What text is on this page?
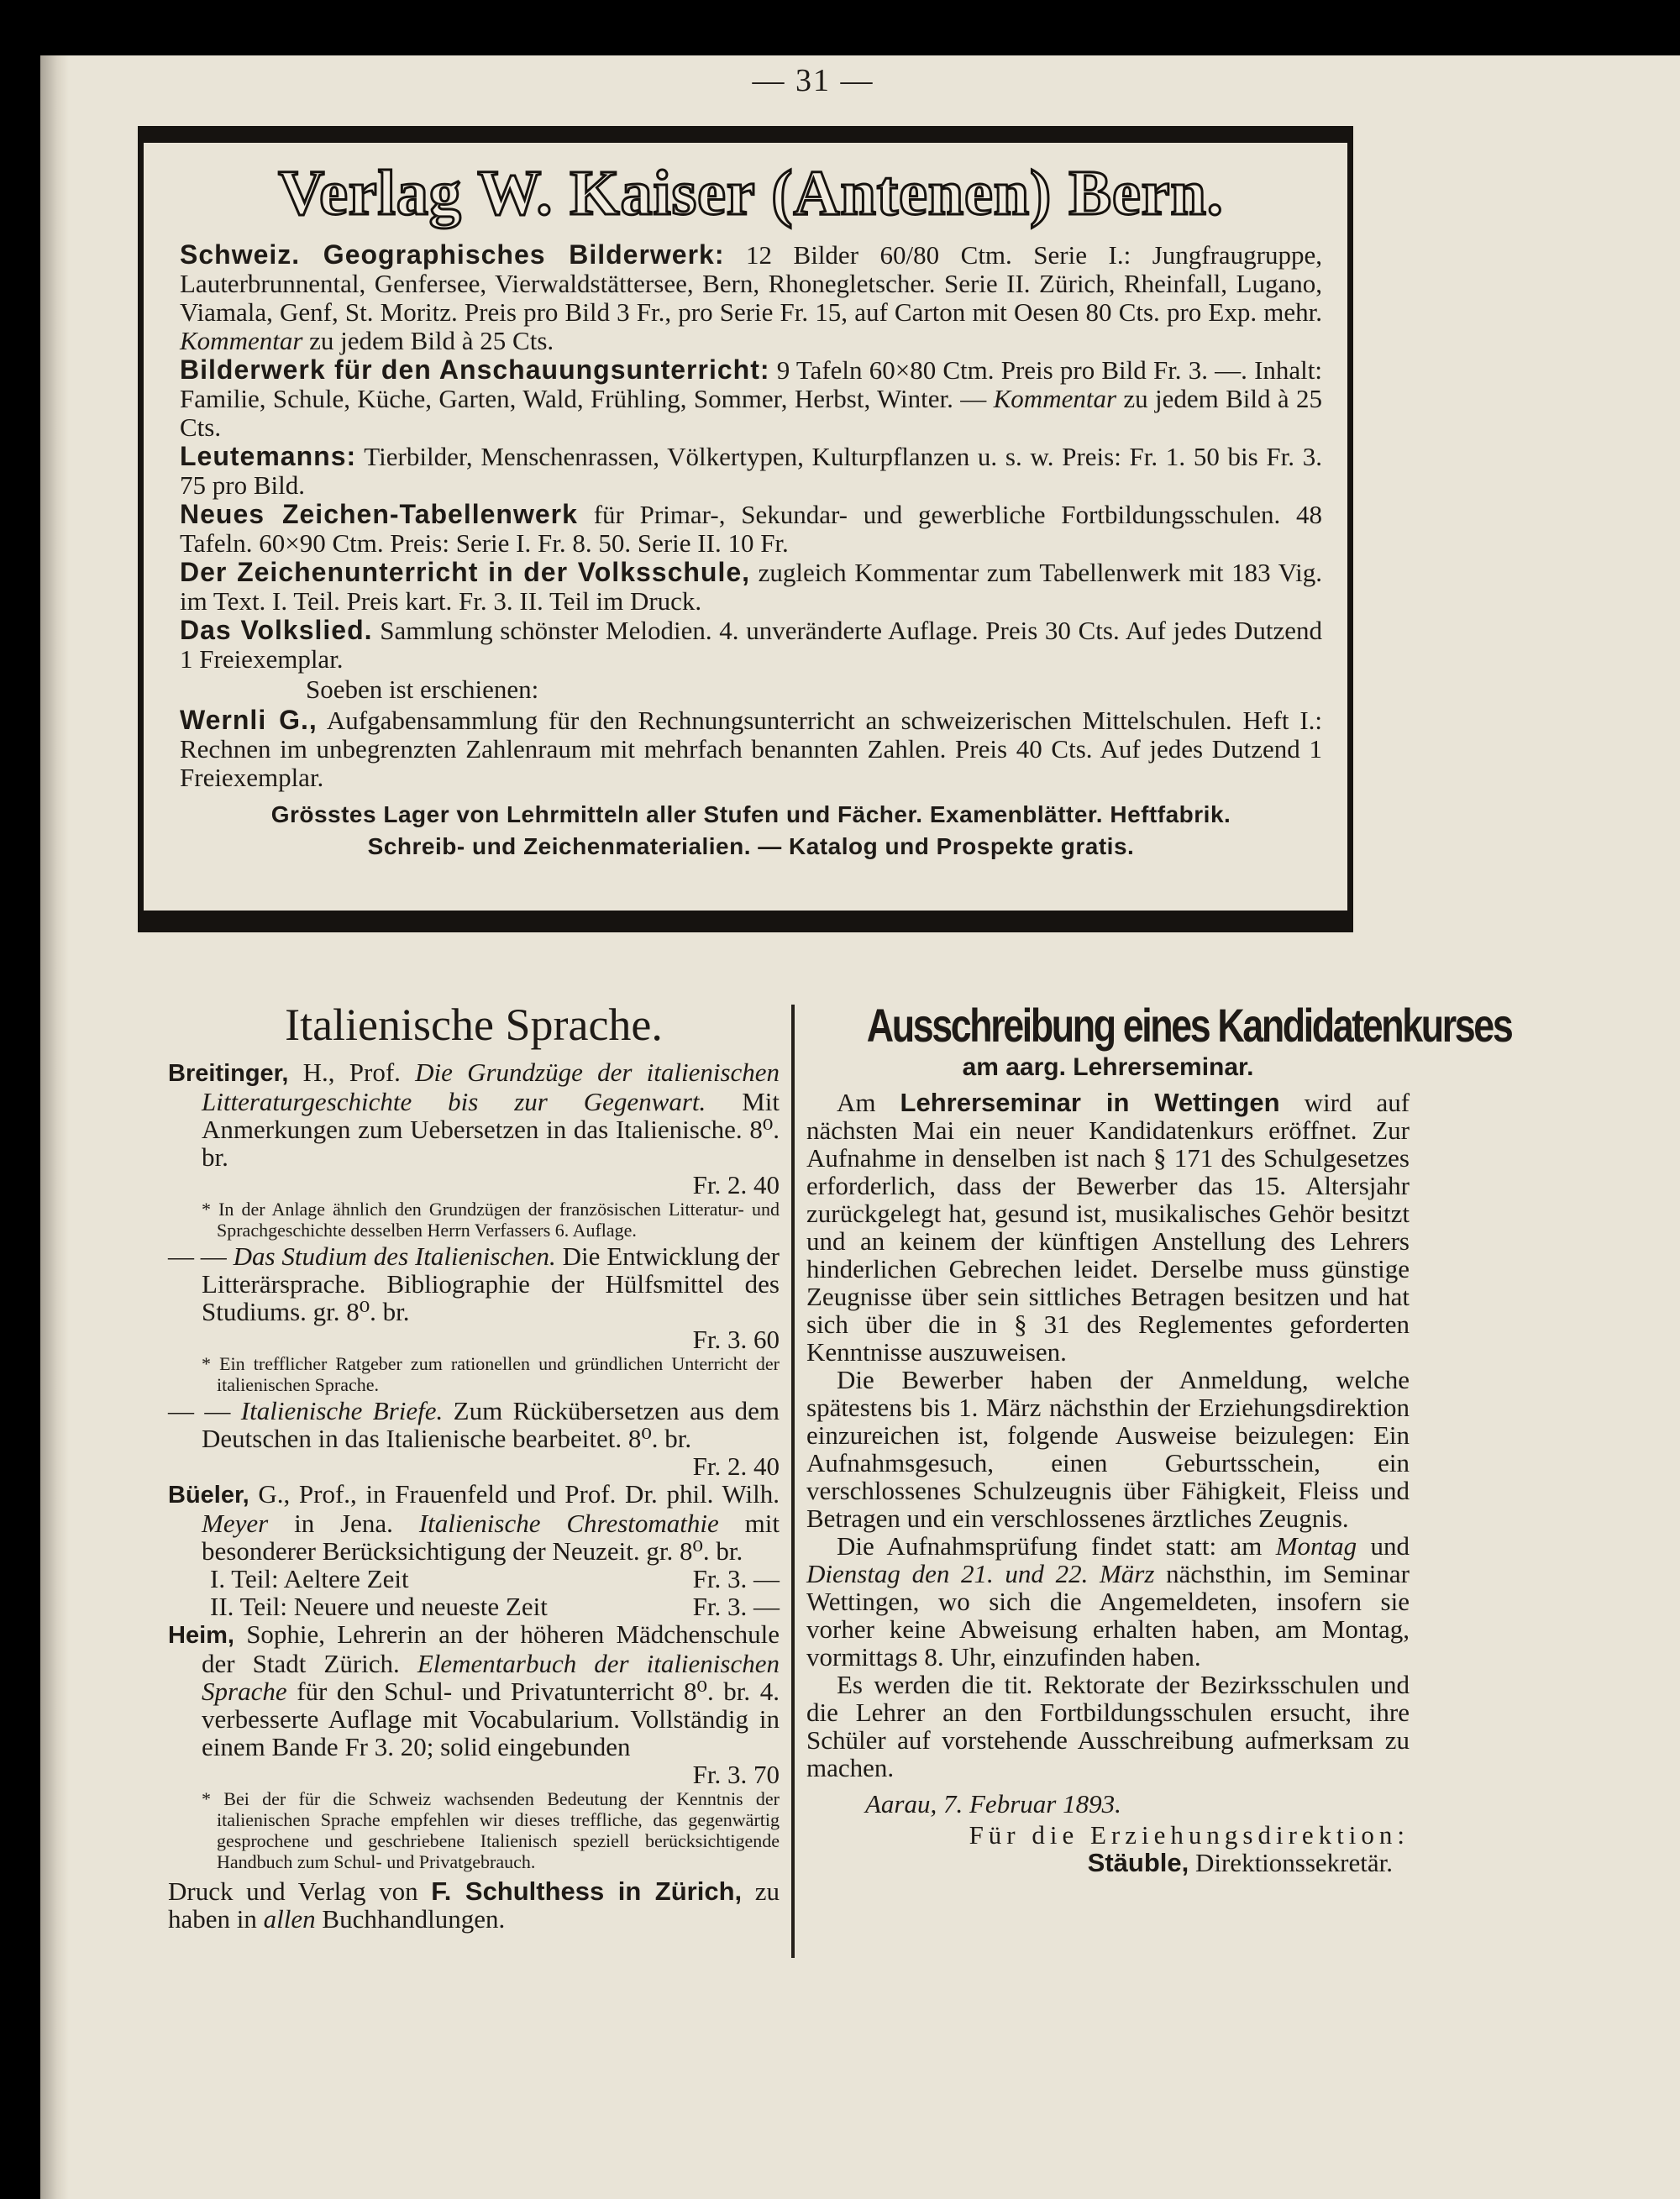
— 31 —
Verlag W. Kaiser (Antenen) Bern.

Schweiz. Geographisches Bilderwerk: 12 Bilder 60/80 Ctm. Serie I.: Jungfraugruppe, Lauterbrunnental, Genfersee, Vierwaldstättersee, Bern, Rhonegletscher. Serie II. Zürich, Rheinfall, Lugano, Viamala, Genf, St. Moritz. Preis pro Bild 3 Fr., pro Serie Fr. 15, auf Carton mit Oesen 80 Cts. pro Exp. mehr. Kommentar zu jedem Bild à 25 Cts.

Bilderwerk für den Anschauungsunterricht: 9 Tafeln 60×80 Ctm. Preis pro Bild Fr. 3. —. Inhalt: Familie, Schule, Küche, Garten, Wald, Frühling, Sommer, Herbst, Winter. — Kommentar zu jedem Bild à 25 Cts.

Leutemanns: Tierbilder, Menschenrassen, Völkertypen, Kulturpflanzen u. s. w. Preis: Fr. 1. 50 bis Fr. 3. 75 pro Bild.

Neues Zeichen-Tabellenwerk für Primar-, Sekundar- und gewerbliche Fortbildungsschulen. 48 Tafeln. 60×90 Ctm. Preis: Serie I. Fr. 8. 50. Serie II. 10 Fr.

Der Zeichenunterricht in der Volksschule, zugleich Kommentar zum Tabellenwerk mit 183 Vig. im Text. I. Teil. Preis kart. Fr. 3. II. Teil im Druck.

Das Volkslied. Sammlung schönster Melodien. 4. unveränderte Auflage. Preis 30 Cts. Auf jedes Dutzend 1 Freiexemplar.

Soeben ist erschienen:

Wernli G., Aufgabensammlung für den Rechnungsunterricht an schweizerischen Mittelschulen. Heft I.: Rechnen im unbegrenzten Zahlenraum mit mehrfach benannten Zahlen. Preis 40 Cts. Auf jedes Dutzend 1 Freiexemplar.

Grösstes Lager von Lehrmitteln aller Stufen und Fächer. Examenblätter. Heftfabrik.

Schreib- und Zeichenmaterialien. — Katalog und Prospekte gratis.

Italienische Sprache.

Breitinger, H., Prof. Die Grundzüge der italienischen Litteraturgeschichte bis zur Gegenwart. Mit Anmerkungen zum Uebersetzen in das Italienische. 8⁰. br.

Fr. 2. 40

* In der Anlage ähnlich den Grundzügen der französischen Litteratur- und Sprachgeschichte desselben Herrn Verfassers 6. Auflage.

— — Das Studium des Italienischen. Die Entwicklung der Litterärsprache. Bibliographie der Hülfsmittel des Studiums. gr. 8⁰. br.

Fr. 3. 60

* Ein trefflicher Ratgeber zum rationellen und gründlichen Unterricht der italienischen Sprache.

— — Italienische Briefe. Zum Rückübersetzen aus dem Deutschen in das Italienische bearbeitet. 8⁰. br.

Fr. 2. 40

Büeler, G., Prof., in Frauenfeld und Prof. Dr. phil. Wilh. Meyer in Jena. Italienische Chrestomathie mit besonderer Berücksichtigung der Neuzeit. gr. 8⁰. br.

I. Teil: Aeltere Zeit	Fr. 3. —
II. Teil: Neuere und neueste Zeit	Fr. 3. —

Heim, Sophie, Lehrerin an der höheren Mädchenschule der Stadt Zürich. Elementarbuch der italienischen Sprache für den Schul- und Privatunterricht 8⁰. br. 4. verbesserte Auflage mit Vocabularium. Vollständig in einem Bande Fr 3. 20; solid eingebunden

Fr. 3. 70

* Bei der für die Schweiz wachsenden Bedeutung der Kenntnis der italienischen Sprache empfehlen wir dieses treffliche, das gegenwärtig gesprochene und geschriebene Italienisch speziell berücksichtigende Handbuch zum Schul- und Privatgebrauch.

Druck und Verlag von F. Schulthess in Zürich, zu haben in allen Buchhandlungen.

Ausschreibung eines Kandidatenkurses
am aarg. Lehrerseminar.

Am Lehrerseminar in Wettingen wird auf nächsten Mai ein neuer Kandidatenkurs eröffnet. Zur Aufnahme in denselben ist nach § 171 des Schulgesetzes erforderlich, dass der Bewerber das 15. Altersjahr zurückgelegt hat, gesund ist, musikalisches Gehör besitzt und an keinem der künftigen Anstellung des Lehrers hinderlichen Gebrechen leidet. Derselbe muss günstige Zeugnisse über sein sittliches Betragen besitzen und hat sich über die in § 31 des Reglementes geforderten Kenntnisse auszuweisen.

Die Bewerber haben der Anmeldung, welche spätestens bis 1. März nächsthin der Erziehungsdirektion einzureichen ist, folgende Ausweise beizulegen: Ein Aufnahmsgesuch, einen Geburtsschein, ein verschlossenes Schulzeugnis über Fähigkeit, Fleiss und Betragen und ein verschlossenes ärztliches Zeugnis.

Die Aufnahmsprüfung findet statt: am Montag und Dienstag den 21. und 22. März nächsthin, im Seminar Wettingen, wo sich die Angemeldeten, insofern sie vorher keine Abweisung erhalten haben, am Montag, vormittags 8. Uhr, einzufinden haben.

Es werden die tit. Rektorate der Bezirksschulen und die Lehrer an den Fortbildungsschulen ersucht, ihre Schüler auf vorstehende Ausschreibung aufmerksam zu machen.

Aarau, 7. Februar 1893.
Für die Erziehungsdirektion:
Stäuble, Direktionssekretär.
